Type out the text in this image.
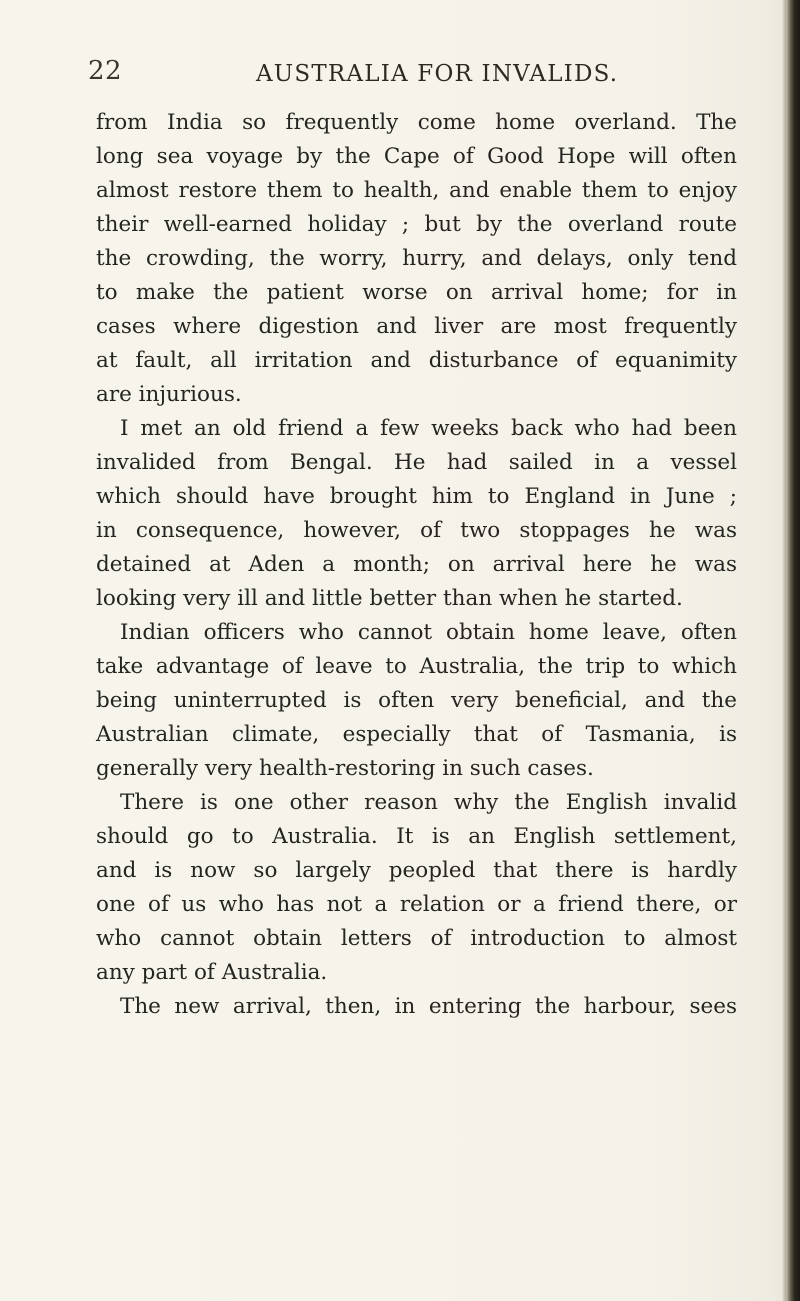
22	AUSTRALIA FOR INVALIDS.
from India so frequently come home overland. The
long sea voyage by the Cape of Good Hope will often
almost restore them to health, and enable them to enjoy
their well-earned holiday ; but by the overland route
the crowding, the worry, hurry, and delays, only tend
to make the patient worse on arrival home; for in
cases where digestion and liver are most frequently
at fault, all irritation and disturbance of equanimity
are injurious.
I met an old friend a few weeks back who had been
invalided from Bengal. He had sailed in a vessel
which should have brought him to England in June ;
in consequence, however, of two stoppages he was
detained at Aden a month; on arrival here he was
looking very ill and little better than when he started.
Indian officers who cannot obtain home leave, often
take advantage of leave to Australia, the trip to which
being uninterrupted is often very beneficial, and the
Australian climate, especially that of Tasmania, is
generally very health-restoring in such cases.
There is one other reason why the English invalid
should go to Australia. It is an English settlement,
and is now so largely peopled that there is hardly
one of us who has not a relation or a friend there, or
who cannot obtain letters of introduction to almost
any part of Australia.
The new arrival, then, in entering the harbour, sees
